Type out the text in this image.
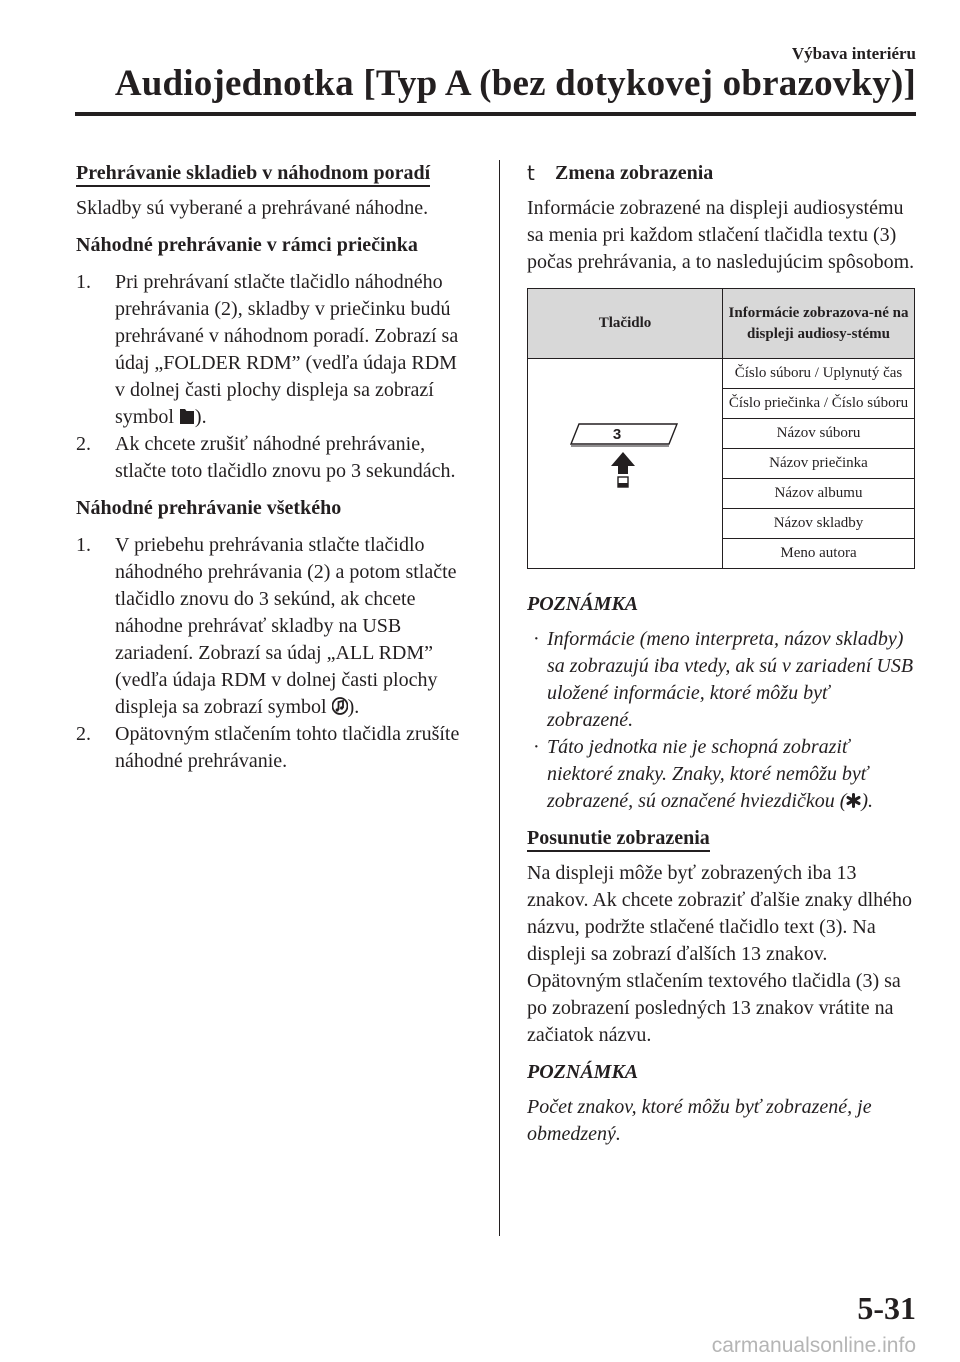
Výbava interiéru
Audiojednotka [Typ A (bez dotykovej obrazovky)]
Prehrávanie skladieb v náhodnom poradí
Skladby sú vyberané a prehrávané náhodne.
Náhodné prehrávanie v rámci priečinka
1. Pri prehrávaní stlačte tlačidlo náhodného prehrávania (2), skladby v priečinku budú prehrávané v náhodnom poradí. Zobrazí sa údaj „FOLDER RDM” (vedľa údaja RDM v dolnej časti plochy displeja sa zobrazí symbol ).
2. Ak chcete zrušiť náhodné prehrávanie, stlačte toto tlačidlo znovu po 3 sekundách.
Náhodné prehrávanie všetkého
1. V priebehu prehrávania stlačte tlačidlo náhodného prehrávania (2) a potom stlačte tlačidlo znovu do 3 sekúnd, ak chcete náhodne prehrávať skladby na USB zariadení. Zobrazí sa údaj „ALL RDM” (vedľa údaja RDM v dolnej časti plochy displeja sa zobrazí symbol ).
2. Opätovným stlačením tohto tlačidla zrušíte náhodné prehrávanie.
t Zmena zobrazenia
Informácie zobrazené na displeji audiosystému sa menia pri každom stlačení tlačidla textu (3) počas prehrávania, a to nasledujúcim spôsobom.
Tlačidlo	Informácie zobrazova-né na displeji audiosy-stému

3	Číslo súboru / Uplynutý čas
	Číslo priečinka / Číslo súboru
	Názov súboru
	Názov priečinka
	Názov albumu
	Názov skladby
	Meno autora
POZNÁMKA
· Informácie (meno interpreta, názov skladby) sa zobrazujú iba vtedy, ak sú v zariadení USB uložené informácie, ktoré môžu byť zobrazené.
· Táto jednotka nie je schopná zobraziť niektoré znaky. Znaky, ktoré nemôžu byť zobrazené, sú označené hviezdičkou ( ).
Posunutie zobrazenia
Na displeji môže byť zobrazených iba 13 znakov. Ak chcete zobraziť ďalšie znaky dlhého názvu, podržte stlačené tlačidlo text (3). Na displeji sa zobrazí ďalších 13 znakov. Opätovným stlačením textového tlačidla (3) sa po zobrazení posledných 13 znakov vrátite na začiatok názvu.
POZNÁMKA
Počet znakov, ktoré môžu byť zobrazené, je obmedzený.
5-31
carmanualsonline.info
